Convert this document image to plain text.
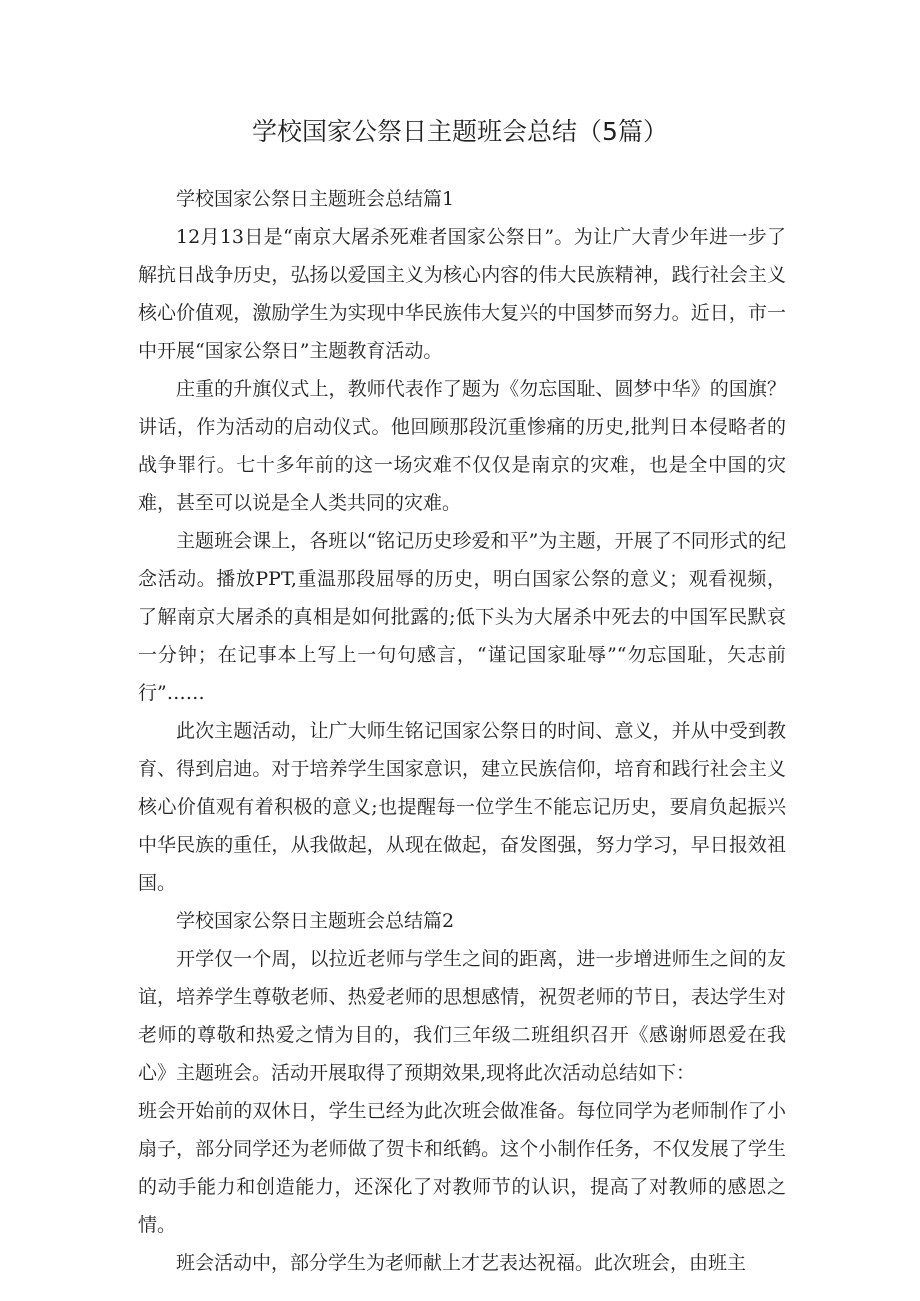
学校国家公祭日主题班会总结（5篇）

学校国家公祭日主题班会总结篇1

12月13日是“南京大屠杀死难者国家公祭日”。为让广大青少年进一步了解抗日战争历史，弘扬以爱国主义为核心内容的伟大民族精神，践行社会主义核心价值观，激励学生为实现中华民族伟大复兴的中国梦而努力。近日，市一中开展“国家公祭日”主题教育活动。

庄重的升旗仪式上，教师代表作了题为《勿忘国耻、圆梦中华》的国旗？讲话，作为活动的启动仪式。他回顾那段沉重惨痛的历史,批判日本侵略者的战争罪行。七十多年前的这一场灾难不仅仅是南京的灾难，也是全中国的灾难，甚至可以说是全人类共同的灾难。

主题班会课上，各班以“铭记历史珍爱和平”为主题，开展了不同形式的纪念活动。播放PPT,重温那段屈辱的历史，明白国家公祭的意义；观看视频，了解南京大屠杀的真相是如何批露的;低下头为大屠杀中死去的中国军民默哀一分钟；在记事本上写上一句句感言，“谨记国家耻辱”“勿忘国耻，矢志前行”……

此次主题活动，让广大师生铭记国家公祭日的时间、意义，并从中受到教育、得到启迪。对于培养学生国家意识，建立民族信仰，培育和践行社会主义核心价值观有着积极的意义;也提醒每一位学生不能忘记历史，要肩负起振兴中华民族的重任，从我做起，从现在做起，奋发图强，努力学习，早日报效祖国。

学校国家公祭日主题班会总结篇2

开学仅一个周，以拉近老师与学生之间的距离，进一步增进师生之间的友谊，培养学生尊敬老师、热爱老师的思想感情，祝贺老师的节日，表达学生对老师的尊敬和热爱之情为目的，我们三年级二班组织召开《感谢师恩爱在我心》主题班会。活动开展取得了预期效果,现将此次活动总结如下：

班会开始前的双休日，学生已经为此次班会做准备。每位同学为老师制作了小扇子，部分同学还为老师做了贺卡和纸鹤。这个小制作任务，不仅发展了学生的动手能力和创造能力，还深化了对教师节的认识，提高了对教师的感恩之情。

班会活动中，部分学生为老师献上才艺表达祝福。此次班会，由班主
